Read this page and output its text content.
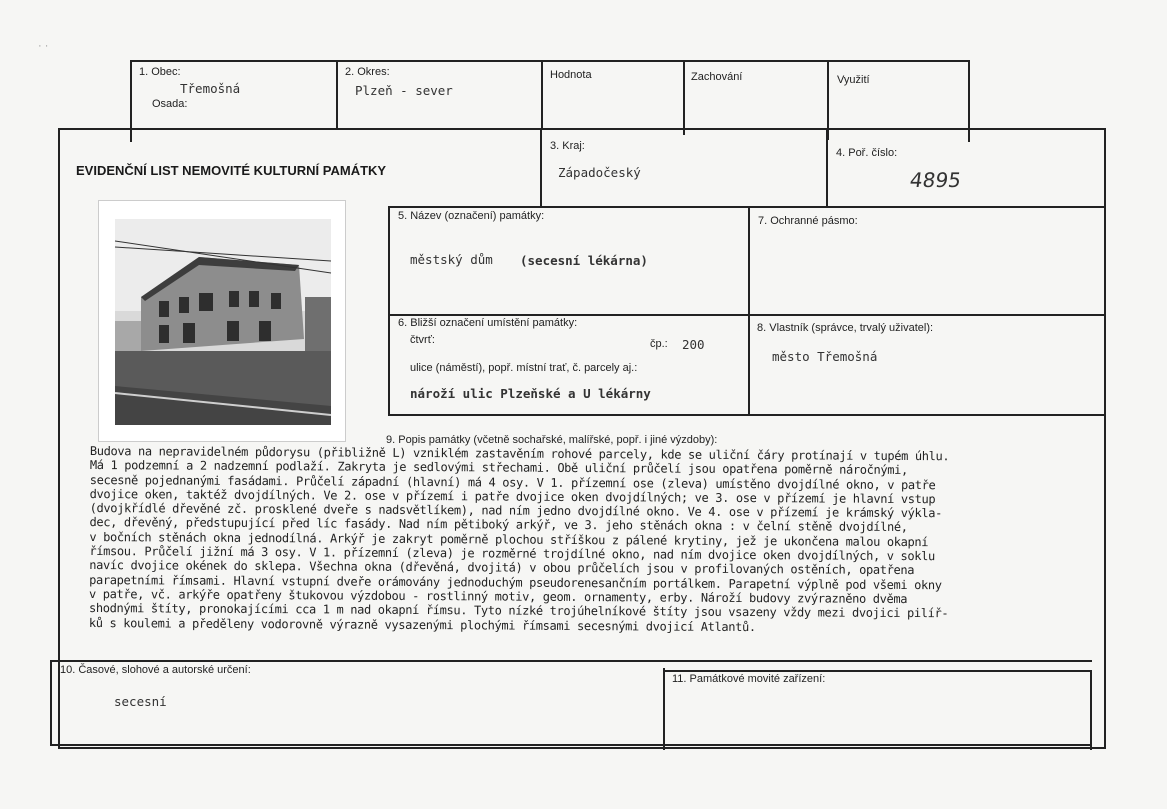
1. Obec:
Třemošná
Osada:
2. Okres:
Plzeň - sever
Hodnota	Zachování	Využití
EVIDENČNÍ LIST NEMOVITÉ KULTURNÍ PAMÁTKY
3. Kraj:
Západočeský
4. Poř. číslo:
4895
5. Název (označení) památky:
městský dům (secesní lékárna)
7. Ochranné pásmo:
6. Bližší označení umístění památky:
čtvrť:	čp.: 200
ulice (náměstí), popř. místní trať, č. parcely aj.:
nároží ulic Plzeňské a U lékárny
8. Vlastník (správce, trvalý uživatel):
město Třemošná
9. Popis památky (včetně sochařské, malířské, popř. i jiné výzdoby):
Budova na nepravidelném půdorysu (přibližně L) vzniklém zastavěním rohové parcely, kde se uliční čáry protínají v tupém úhlu.
Má 1 podzemní a 2 nadzemní podlaží. Zakryta je sedlovými střechami. Obě uliční průčelí jsou opatřena poměrně náročnými,
secesně pojednanými fasádami. Průčelí západní (hlavní) má 4 osy. V 1. přízemní ose (zleva) umístěno dvojdílné okno, v patře
dvojice oken, taktéž dvojdílných. Ve 2. ose v přízemí i patře dvojice oken dvojdílných; ve 3. ose v přízemí je hlavní vstup
(dvojkřídlé dřevěné zč. prosklené dveře s nadsvětlíkem), nad ním jedno dvojdílné okno. Ve 4. ose v přízemí je krámský výkla-
dec, dřevěný, předstupující před líc fasády. Nad ním pětiboký arkýř, ve 3. jeho stěnách okna : v čelní stěně dvojdílné,
v bočních stěnách okna jednodílná. Arkýř je zakryt poměrně plochou stříškou z pálené krytiny, jež je ukončena malou okapní
římsou. Průčelí jižní má 3 osy. V 1. přízemní (zleva) je rozměrné trojdílné okno, nad ním dvojice oken dvojdílných, v soklu
navíc dvojice okének do sklepa. Všechna okna (dřevěná, dvojitá) v obou průčelích jsou v profilovaných ostěních, opatřena
parapetními římsami. Hlavní vstupní dveře orámovány jednoduchým pseudorenesančním portálkem. Parapetní výplně pod všemi okny
v patře, vč. arkýře opatřeny štukovou výzdobou - rostlinný motiv, geom. ornamenty, erby. Nároží budovy zvýrazněno dvěma
shodnými štíty, pronokajícími cca 1 m nad okapní římsu. Tyto nízké trojúhelníkové štíty jsou vsazeny vždy mezi dvojici pilíř-
ků s koulemi a předěleny vodorovně výrazně vysazenými plochými římsami secesnými dvojicí Atlantů.
10. Časové, slohové a autorské určení:
secesní
11. Památkové movité zařízení:
· ·
